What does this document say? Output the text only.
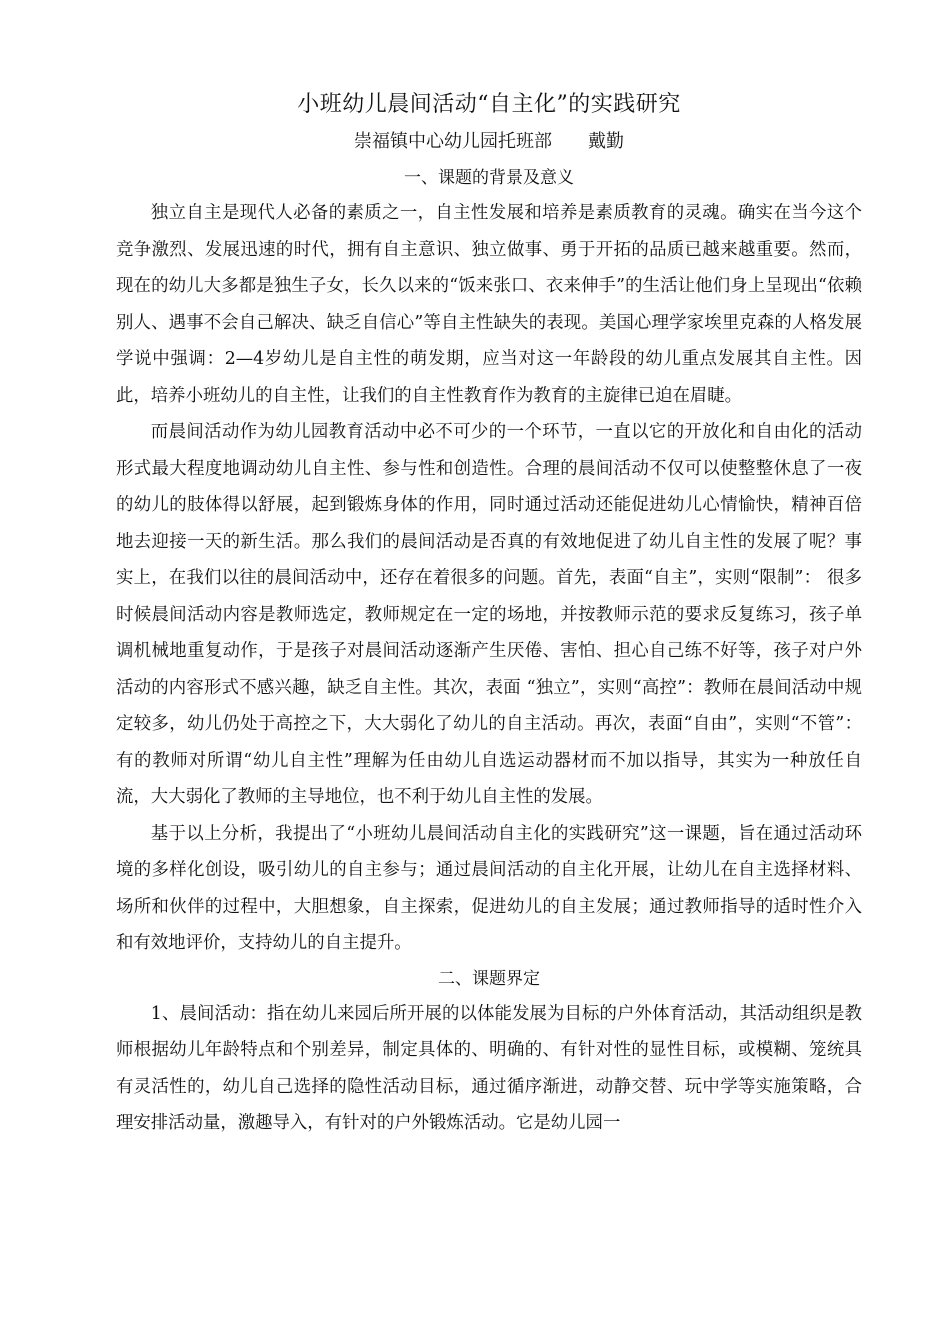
小班幼儿晨间活动“自主化”的实践研究

崇福镇中心幼儿园托班部 戴勤

一、课题的背景及意义

独立自主是现代人必备的素质之一，自主性发展和培养是素质教育的灵魂。确实在当今这个竞争激烈、发展迅速的时代，拥有自主意识、独立做事、勇于开拓的品质已越来越重要。然而，现在的幼儿大多都是独生子女，长久以来的“饭来张口、衣来伸手”的生活让他们身上呈现出“依赖别人、遇事不会自己解决、缺乏自信心”等自主性缺失的表现。美国心理学家埃里克森的人格发展学说中强调：2—4岁幼儿是自主性的萌发期，应当对这一年龄段的幼儿重点发展其自主性。因此，培养小班幼儿的自主性，让我们的自主性教育作为教育的主旋律已迫在眉睫。

而晨间活动作为幼儿园教育活动中必不可少的一个环节，一直以它的开放化和自由化的活动形式最大程度地调动幼儿自主性、参与性和创造性。合理的晨间活动不仅可以使整整休息了一夜的幼儿的肢体得以舒展，起到锻炼身体的作用，同时通过活动还能促进幼儿心情愉快，精神百倍地去迎接一天的新生活。那么我们的晨间活动是否真的有效地促进了幼儿自主性的发展了呢？事实上，在我们以往的晨间活动中，还存在着很多的问题。首先，表面“自主”，实则“限制”： 很多时候晨间活动内容是教师选定，教师规定在一定的场地，并按教师示范的要求反复练习，孩子单调机械地重复动作，于是孩子对晨间活动逐渐产生厌倦、害怕、担心自己练不好等，孩子对户外活动的内容形式不感兴趣，缺乏自主性。其次，表面 “独立”，实则“高控”：教师在晨间活动中规定较多，幼儿仍处于高控之下，大大弱化了幼儿的自主活动。再次，表面“自由”，实则“不管”：有的教师对所谓“幼儿自主性”理解为任由幼儿自选运动器材而不加以指导，其实为一种放任自流，大大弱化了教师的主导地位，也不利于幼儿自主性的发展。

基于以上分析，我提出了“小班幼儿晨间活动自主化的实践研究”这一课题，旨在通过活动环境的多样化创设，吸引幼儿的自主参与；通过晨间活动的自主化开展，让幼儿在自主选择材料、场所和伙伴的过程中，大胆想象，自主探索，促进幼儿的自主发展；通过教师指导的适时性介入和有效地评价，支持幼儿的自主提升。

二、课题界定

1、晨间活动：指在幼儿来园后所开展的以体能发展为目标的户外体育活动，其活动组织是教师根据幼儿年龄特点和个别差异，制定具体的、明确的、有针对性的显性目标，或模糊、笼统具有灵活性的，幼儿自己选择的隐性活动目标，通过循序渐进，动静交替、玩中学等实施策略，合理安排活动量，激趣导入，有针对的户外锻炼活动。它是幼儿园一
